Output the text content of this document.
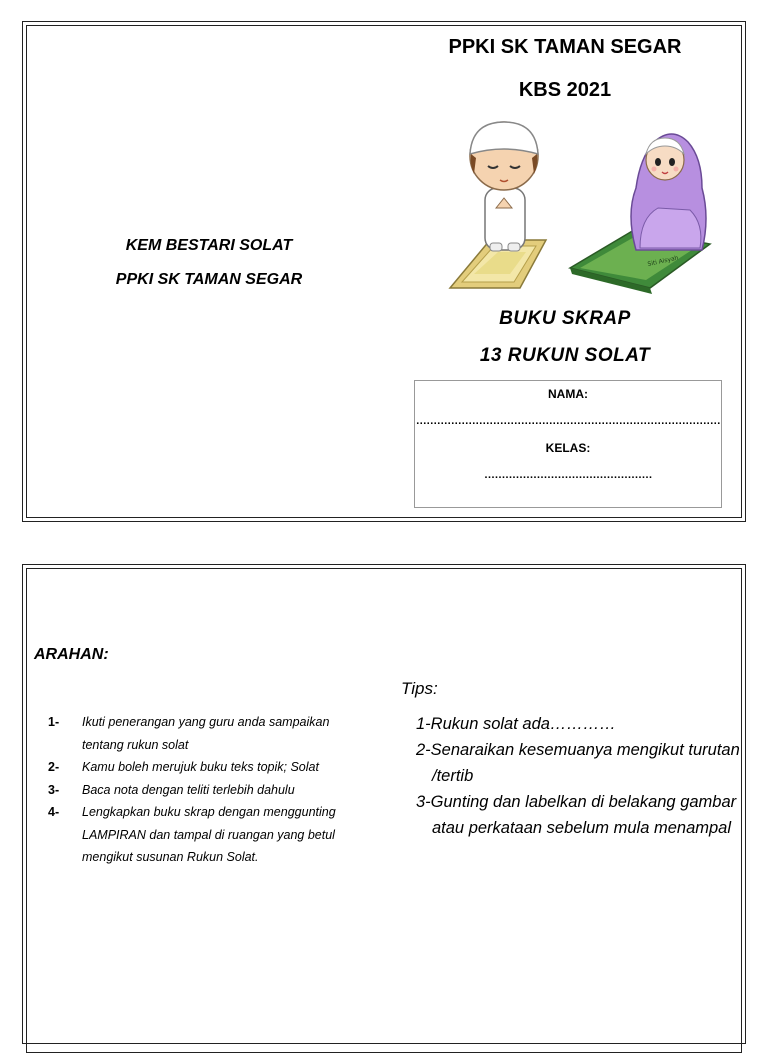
PPKI SK TAMAN SEGAR
KBS 2021
KEM BESTARI SOLAT
PPKI SK TAMAN SEGAR
Siti Aisyah
BUKU SKRAP
13 RUKUN SOLAT
NAMA:
……………………………………………………………………………
KELAS:
…………………………………………
ARAHAN:
Tips:
1- Ikuti penerangan yang guru anda sampaikan tentang rukun solat
2- Kamu boleh merujuk buku teks topik; Solat
3- Baca nota dengan teliti terlebih dahulu
4- Lengkapkan buku skrap dengan menggunting LAMPIRAN dan tampal di ruangan yang betul mengikut susunan Rukun Solat.
1-Rukun solat ada…………
2-Senaraikan kesemuanya mengikut turutan /tertib
3-Gunting dan labelkan di belakang gambar atau perkataan sebelum mula menampal
